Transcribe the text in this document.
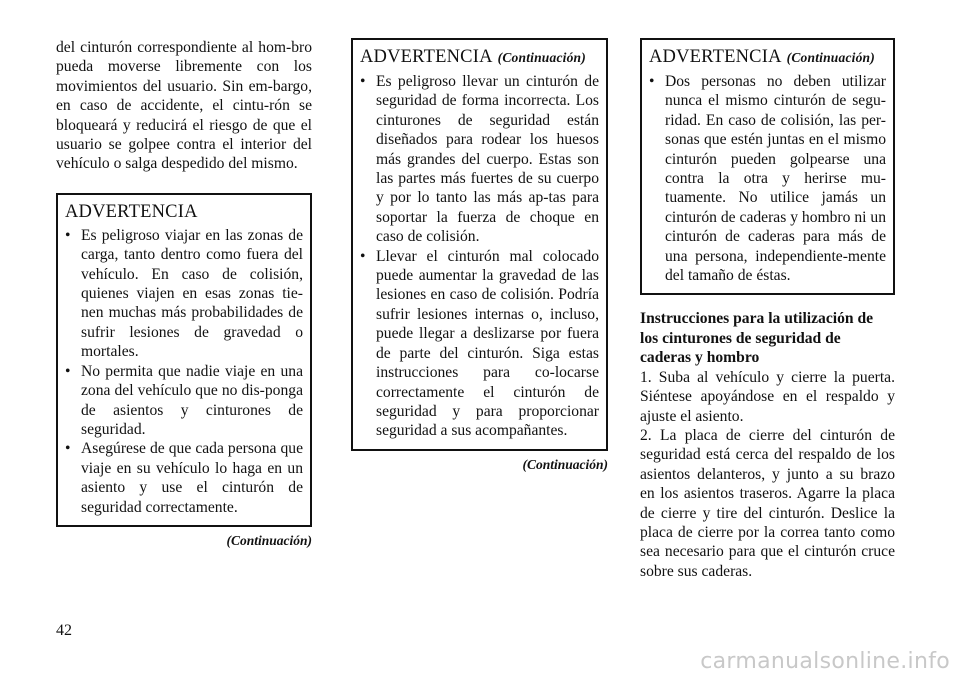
del cinturón correspondiente al hom-bro pueda moverse libremente con los movimientos del usuario. Sin em-bargo, en caso de accidente, el cintu-rón se bloqueará y reducirá el riesgo de que el usuario se golpee contra el interior del vehículo o salga despedido del mismo.

ADVERTENCIA
• Es peligroso viajar en las zonas de carga, tanto dentro como fuera del vehículo. En caso de colisión, quienes viajen en esas zonas tie-nen muchas más probabilidades de sufrir lesiones de gravedad o mortales.
• No permita que nadie viaje en una zona del vehículo que no dis-ponga de asientos y cinturones de seguridad.
• Asegúrese de que cada persona que viaje en su vehículo lo haga en un asiento y use el cinturón de seguridad correctamente.
(Continuación)
ADVERTENCIA (Continuación)
• Es peligroso llevar un cinturón de seguridad de forma incorrecta. Los cinturones de seguridad están diseñados para rodear los huesos más grandes del cuerpo. Estas son las partes más fuertes de su cuerpo y por lo tanto las más ap-tas para soportar la fuerza de choque en caso de colisión.
• Llevar el cinturón mal colocado puede aumentar la gravedad de las lesiones en caso de colisión. Podría sufrir lesiones internas o, incluso, puede llegar a deslizarse por fuera de parte del cinturón. Siga estas instrucciones para co-locarse correctamente el cinturón de seguridad y para proporcionar seguridad a sus acompañantes.
(Continuación)
ADVERTENCIA (Continuación)
• Dos personas no deben utilizar nunca el mismo cinturón de segu-ridad. En caso de colisión, las per-sonas que estén juntas en el mismo cinturón pueden golpearse una contra la otra y herirse mu-tuamente. No utilice jamás un cinturón de caderas y hombro ni un cinturón de caderas para más de una persona, independiente-mente del tamaño de éstas.
Instrucciones para la utilización de los cinturones de seguridad de caderas y hombro

1. Suba al vehículo y cierre la puerta. Siéntese apoyándose en el respaldo y ajuste el asiento.

2. La placa de cierre del cinturón de seguridad está cerca del respaldo de los asientos delanteros, y junto a su brazo en los asientos traseros. Agarre la placa de cierre y tire del cinturón. Deslice la placa de cierre por la correa tanto como sea necesario para que el cinturón cruce sobre sus caderas.

42
carmanualsonline.info
